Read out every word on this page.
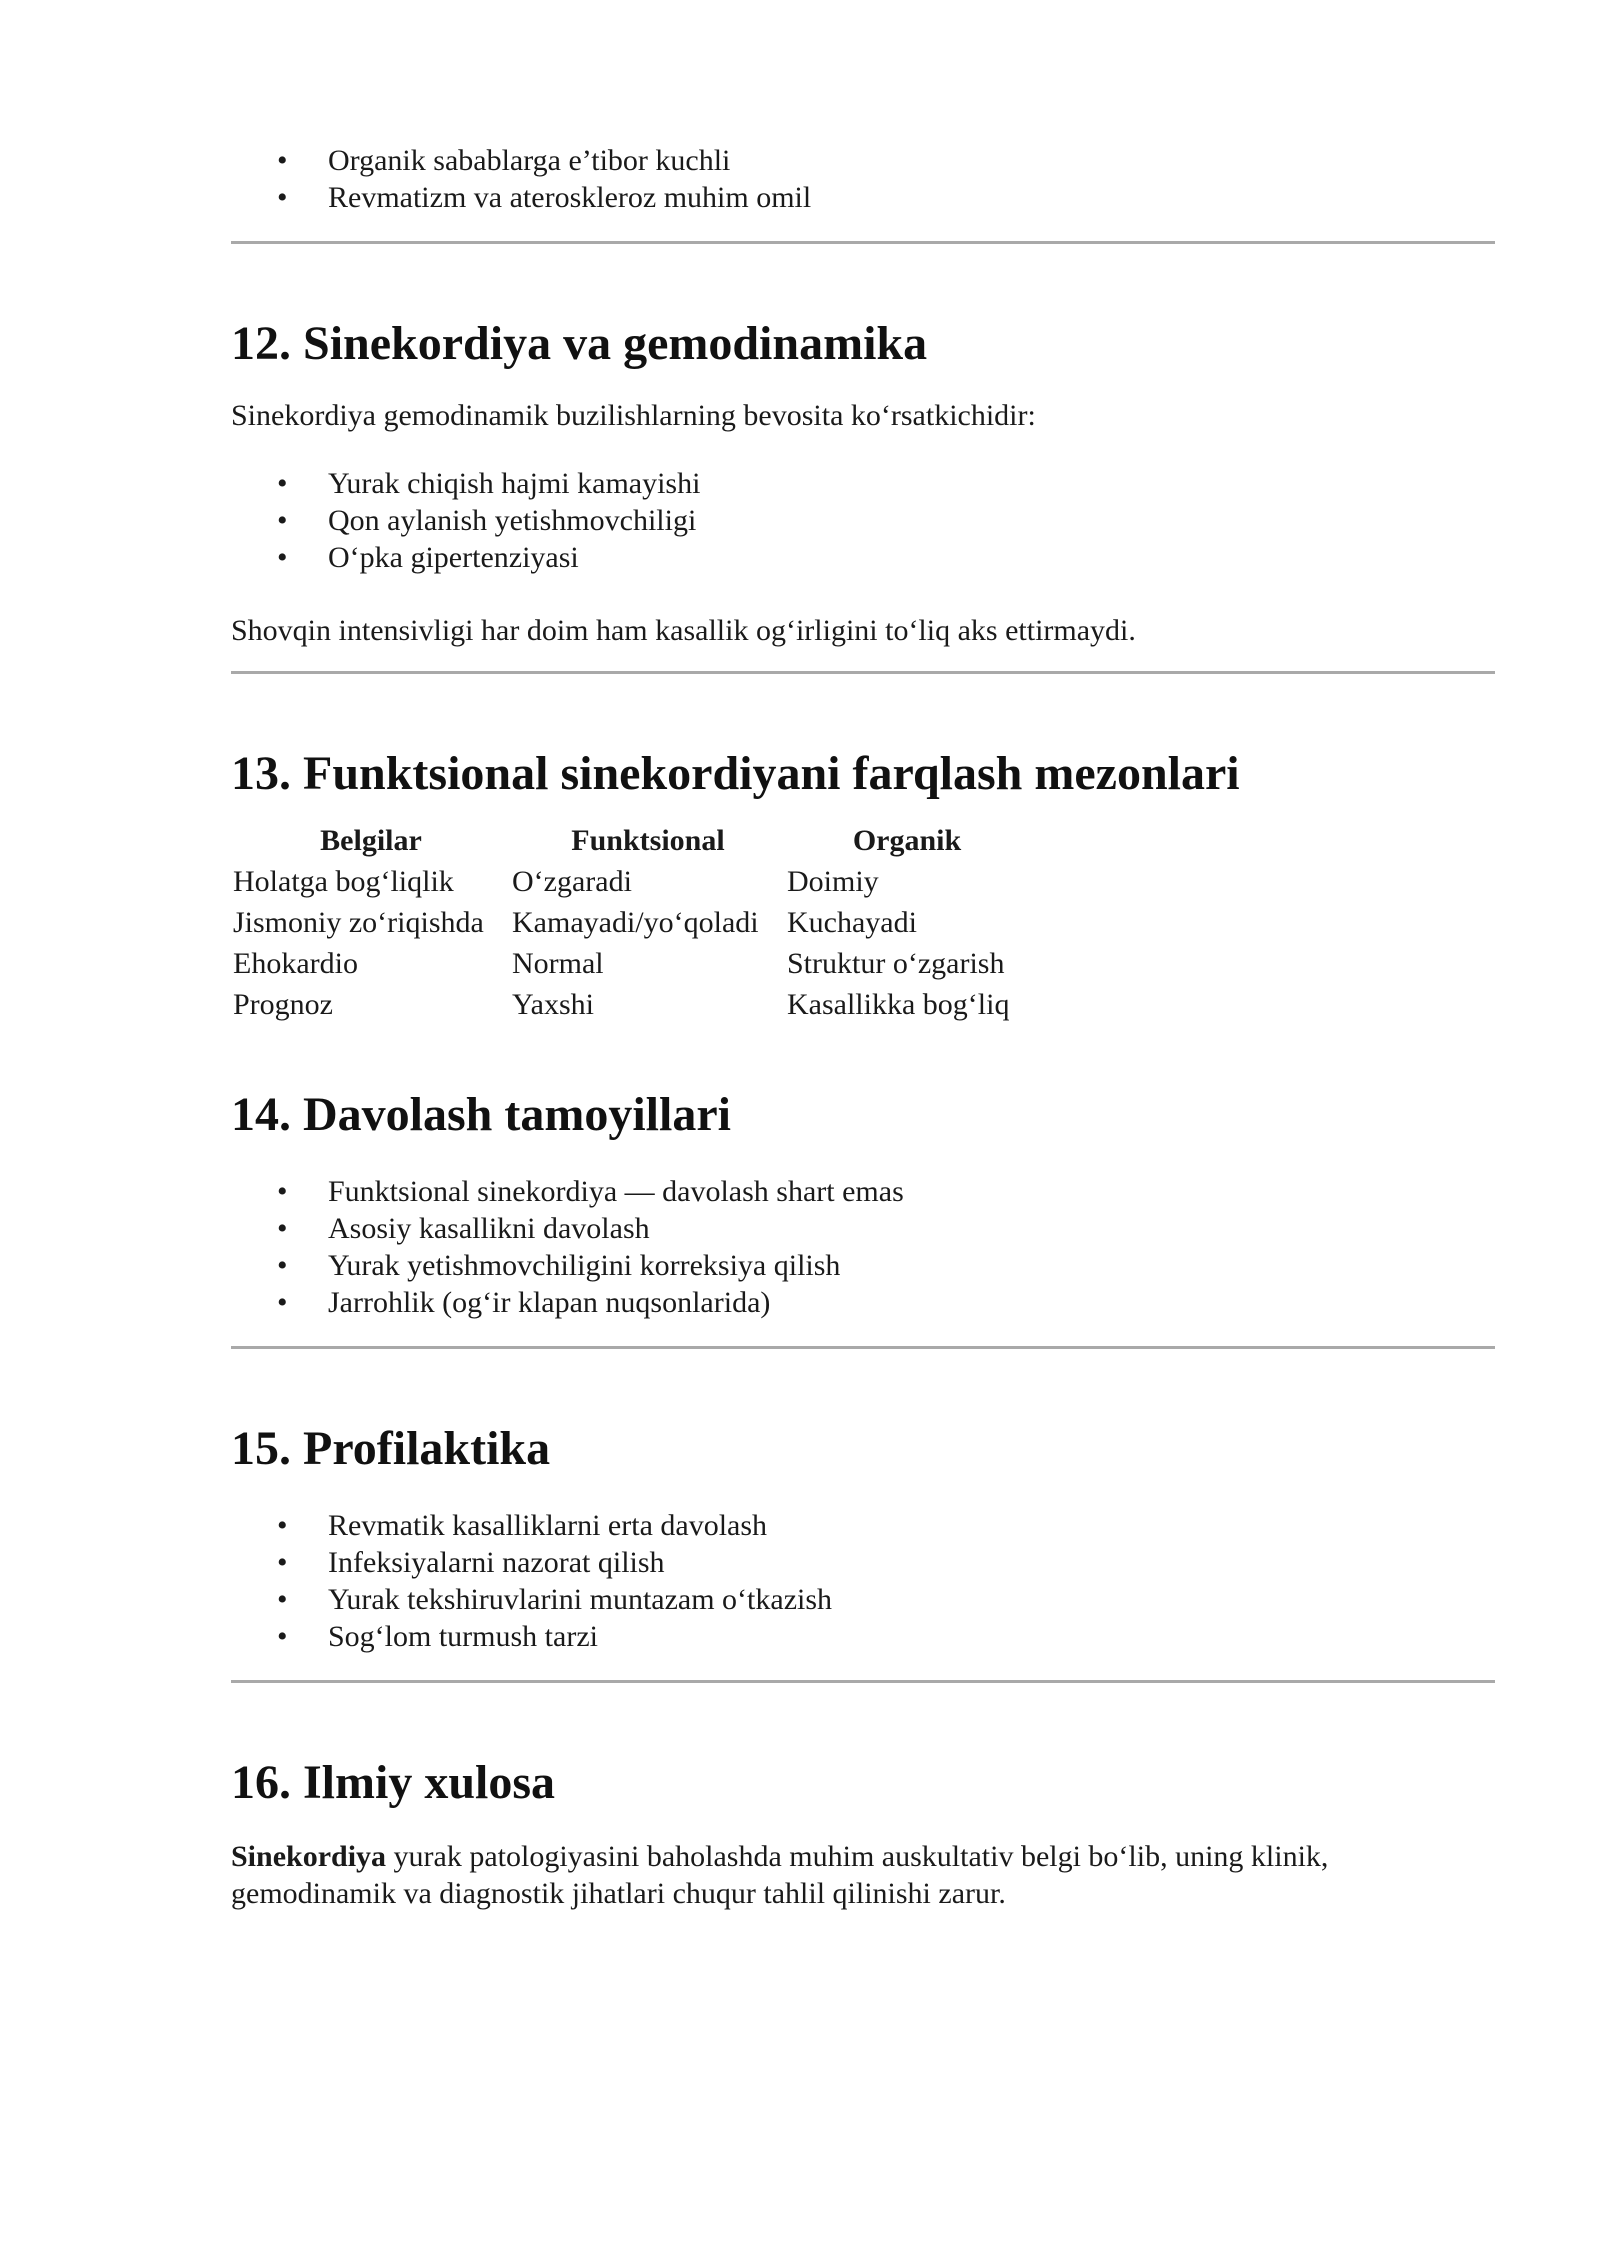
• Organik sabablarga e’tibor kuchli
• Revmatizm va ateroskleroz muhim omil
12. Sinekordiya va gemodinamika

Sinekordiya gemodinamik buzilishlarning bevosita ko‘rsatkichidir:

• Yurak chiqish hajmi kamayishi
• Qon aylanish yetishmovchiligi
• O‘pka gipertenziyasi

Shovqin intensivligi har doim ham kasallik og‘irligini to‘liq aks ettirmaydi.

13. Funktsional sinekordiyani farqlash mezonlari
Belgilar	Funktsional	Organik
Holatga bog‘liqlik	O‘zgaradi	Doimiy
Jismoniy zo‘riqishda	Kamayadi/yo‘qoladi	Kuchayadi
Ehokardio	Normal	Struktur o‘zgarish
Prognoz	Yaxshi	Kasallikka bog‘liq
14. Davolash tamoyillari
• Funktsional sinekordiya — davolash shart emas
• Asosiy kasallikni davolash
• Yurak yetishmovchiligini korreksiya qilish
• Jarrohlik (og‘ir klapan nuqsonlarida)
15. Profilaktika
• Revmatik kasalliklarni erta davolash
• Infeksiyalarni nazorat qilish
• Yurak tekshiruvlarini muntazam o‘tkazish
• Sog‘lom turmush tarzi
16. Ilmiy xulosa

Sinekordiya yurak patologiyasini baholashda muhim auskultativ belgi bo‘lib, uning klinik, gemodinamik va diagnostik jihatlari chuqur tahlil qilinishi zarur.
